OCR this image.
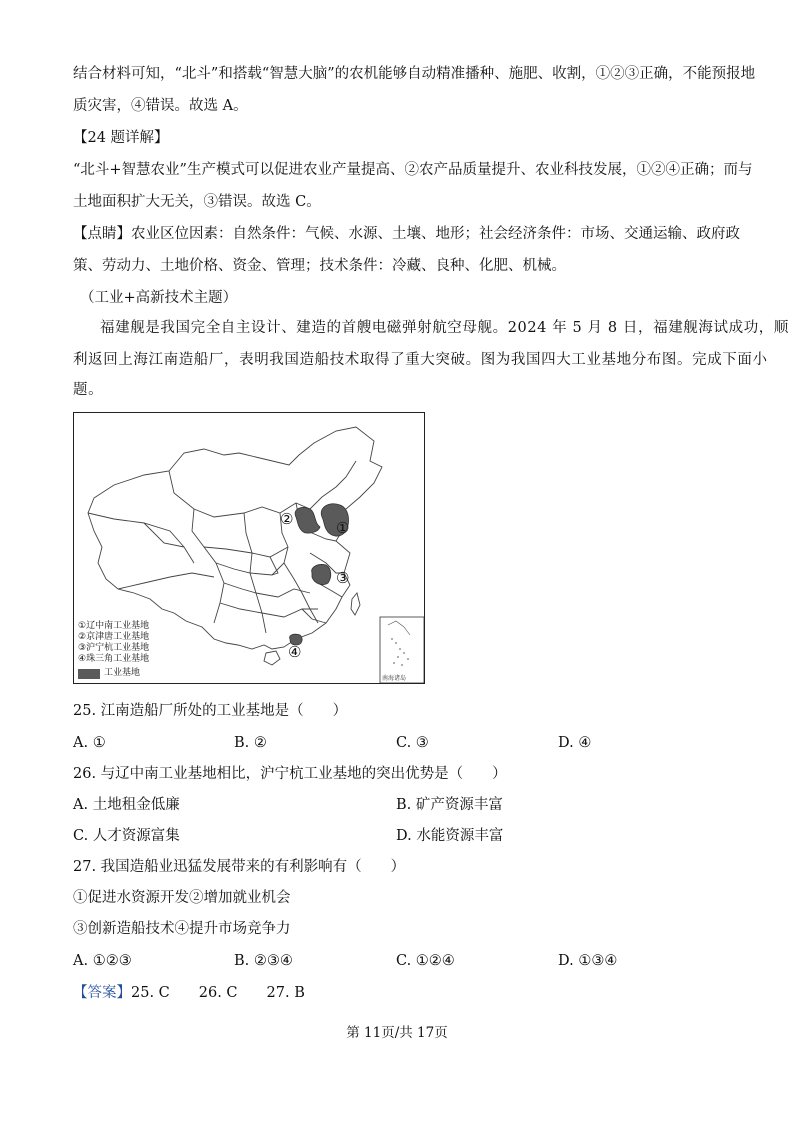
结合材料可知，“北斗”和搭载“智慧大脑”的农机能够自动精准播种、施肥、收割，①②③正确，不能预报地
质灾害，④错误。故选 A。
【24 题详解】
“北斗+智慧农业”生产模式可以促进农业产量提高、②农产品质量提升、农业科技发展，①②④正确；而与
土地面积扩大无关，③错误。故选 C。
【点睛】农业区位因素：自然条件：气候、水源、土壤、地形；社会经济条件：市场、交通运输、政府政
策、劳动力、土地价格、资金、管理；技术条件：冷藏、良种、化肥、机械。
（工业+高新技术主题）
福建舰是我国完全自主设计、建造的首艘电磁弹射航空母舰。2024 年 5 月 8 日，福建舰海试成功，顺
利返回上海江南造船厂，表明我国造船技术取得了重大突破。图为我国四大工业基地分布图。完成下面小
题。
①
②
③
④
南海诸岛
①辽中南工业基地
②京津唐工业基地
③沪宁杭工业基地
④珠三角工业基地
工业基地
25. 江南造船厂所处的工业基地是（　　）
A. ①	B. ②	C. ③	D. ④
26. 与辽中南工业基地相比，沪宁杭工业基地的突出优势是（　　）
A. 土地租金低廉	B. 矿产资源丰富
C. 人才资源富集	D. 水能资源丰富
27. 我国造船业迅猛发展带来的有利影响有（　　）
①促进水资源开发②增加就业机会
③创新造船技术④提升市场竞争力
A. ①②③	B. ②③④	C. ①②④	D. ①③④
【答案】25. C　　26. C　　27. B
第 11页/共 17页
